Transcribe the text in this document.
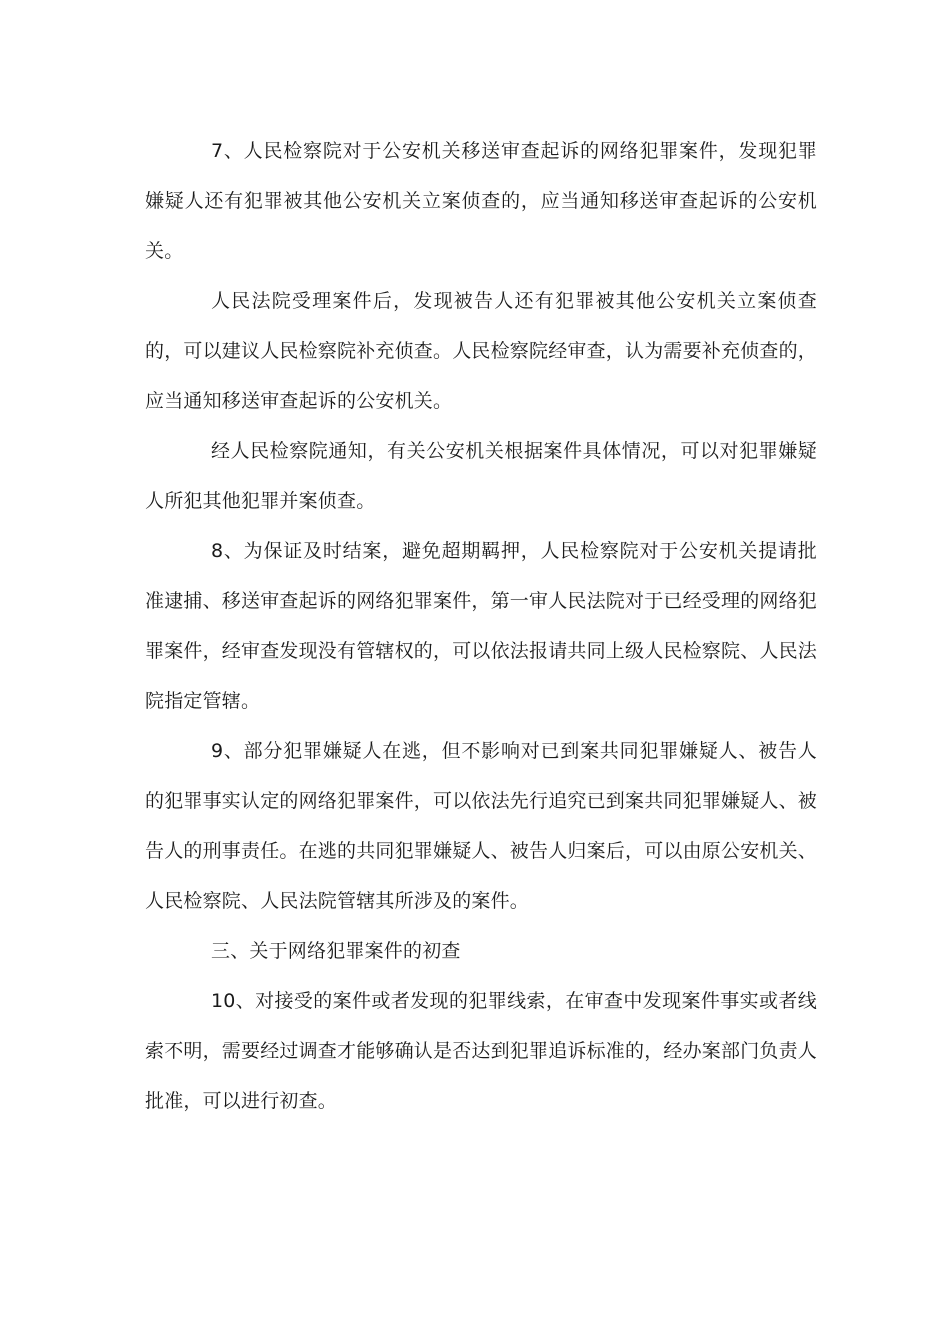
7、人民检察院对于公安机关移送审查起诉的网络犯罪案件，发现犯罪嫌疑人还有犯罪被其他公安机关立案侦查的，应当通知移送审查起诉的公安机关。

人民法院受理案件后，发现被告人还有犯罪被其他公安机关立案侦查的，可以建议人民检察院补充侦查。人民检察院经审查，认为需要补充侦查的，应当通知移送审查起诉的公安机关。

经人民检察院通知，有关公安机关根据案件具体情况，可以对犯罪嫌疑人所犯其他犯罪并案侦查。

8、为保证及时结案，避免超期羁押，人民检察院对于公安机关提请批准逮捕、移送审查起诉的网络犯罪案件，第一审人民法院对于已经受理的网络犯罪案件，经审查发现没有管辖权的，可以依法报请共同上级人民检察院、人民法院指定管辖。

9、部分犯罪嫌疑人在逃，但不影响对已到案共同犯罪嫌疑人、被告人的犯罪事实认定的网络犯罪案件，可以依法先行追究已到案共同犯罪嫌疑人、被告人的刑事责任。在逃的共同犯罪嫌疑人、被告人归案后，可以由原公安机关、人民检察院、人民法院管辖其所涉及的案件。

三、关于网络犯罪案件的初查

10、对接受的案件或者发现的犯罪线索，在审查中发现案件事实或者线索不明，需要经过调查才能够确认是否达到犯罪追诉标准的，经办案部门负责人批准，可以进行初查。
